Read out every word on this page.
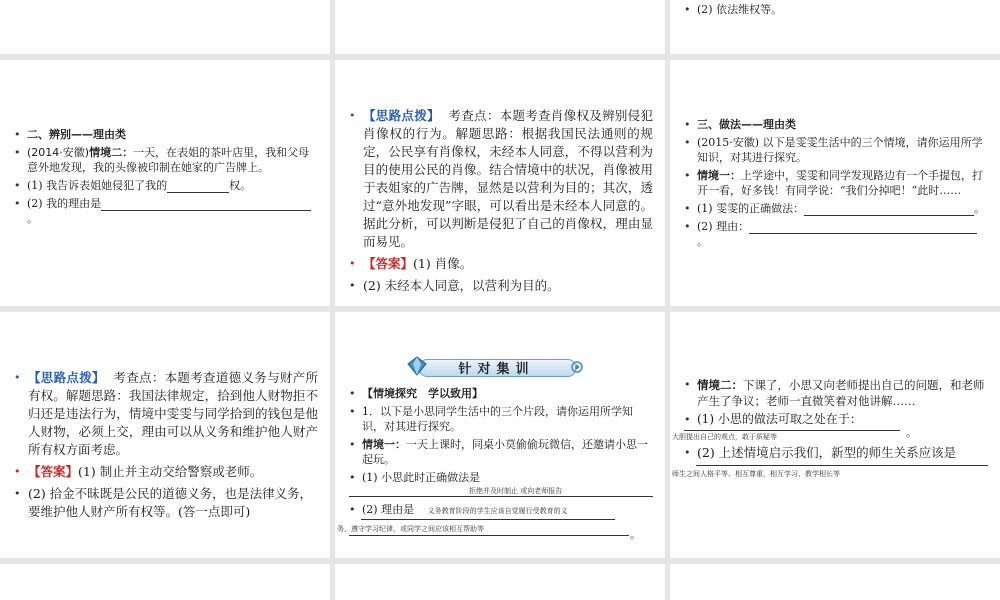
• (2) 依法维权等。
• 二、辨别——理由类
• (2014·安徽)情境二：一天，在表姐的茶叶店里，我和父母意外地发现，我的头像被印制在她家的广告牌上。
• (1) 我告诉表姐她侵犯了我的	权。
• (2) 我的理由是。
• 【思路点拨】 考查点：本题考查肖像权及辨别侵犯肖像权的行为。解题思路：根据我国民法通则的规定，公民享有肖像权，未经本人同意，不得以营利为目的使用公民的肖像。结合情境中的状况，肖像被用于表姐家的广告牌，显然是以营利为目的；其次，透过“意外地发现”字眼，可以看出是未经本人同意的。据此分析，可以判断是侵犯了自己的肖像权，理由显而易见。
• 【答案】(1) 肖像。
• (2) 未经本人同意，以营利为目的。
• 三、做法——理由类
• (2015·安徽) 以下是雯雯生活中的三个情境，请你运用所学知识，对其进行探究。
• 情境一：上学途中，雯雯和同学发现路边有一个手提包，打开一看，好多钱！有同学说：“我们分掉吧！”此时……
• (1) 雯雯的正确做法：	。
• (2) 理由：。
• 【思路点拨】 考查点：本题考查道德义务与财产所有权。解题思路：我国法律规定，拾到他人财物拒不归还是违法行为，情境中雯雯与同学拾到的钱包是他人财物，必须上交，理由可以从义务和维护他人财产所有权方面考虑。
• 【答案】(1) 制止并主动交给警察或老师。
• (2) 拾金不昧既是公民的道德义务，也是法律义务，要维护他人财产所有权等。(答一点即可)
针对集训
• 【情境探究　学以致用】
• 1．以下是小思同学生活中的三个片段，请你运用所学知识，对其进行探究。
• 情境一：一天上课时，同桌小莫偷偷玩微信，还邀请小思一起玩。
• (1) 小思此时正确做法是
拒绝并及时制止 或向老师报告
• (2) 理由是 义务教育阶段的学生应该自觉履行受教育的义
务，遵守学习纪律，或同学之间应该相互帮助等	。
• 情境二：下课了，小思又向老师提出自己的问题，和老师产生了争议；老师一直微笑着对他讲解……
• (1) 小思的做法可取之处在于：
。
大胆提出自己的观点，敢于质疑等
• (2) 上述情境启示我们，新型的师生关系应该是
师生之间人格平等、相互尊重，相互学习、教学相长等
